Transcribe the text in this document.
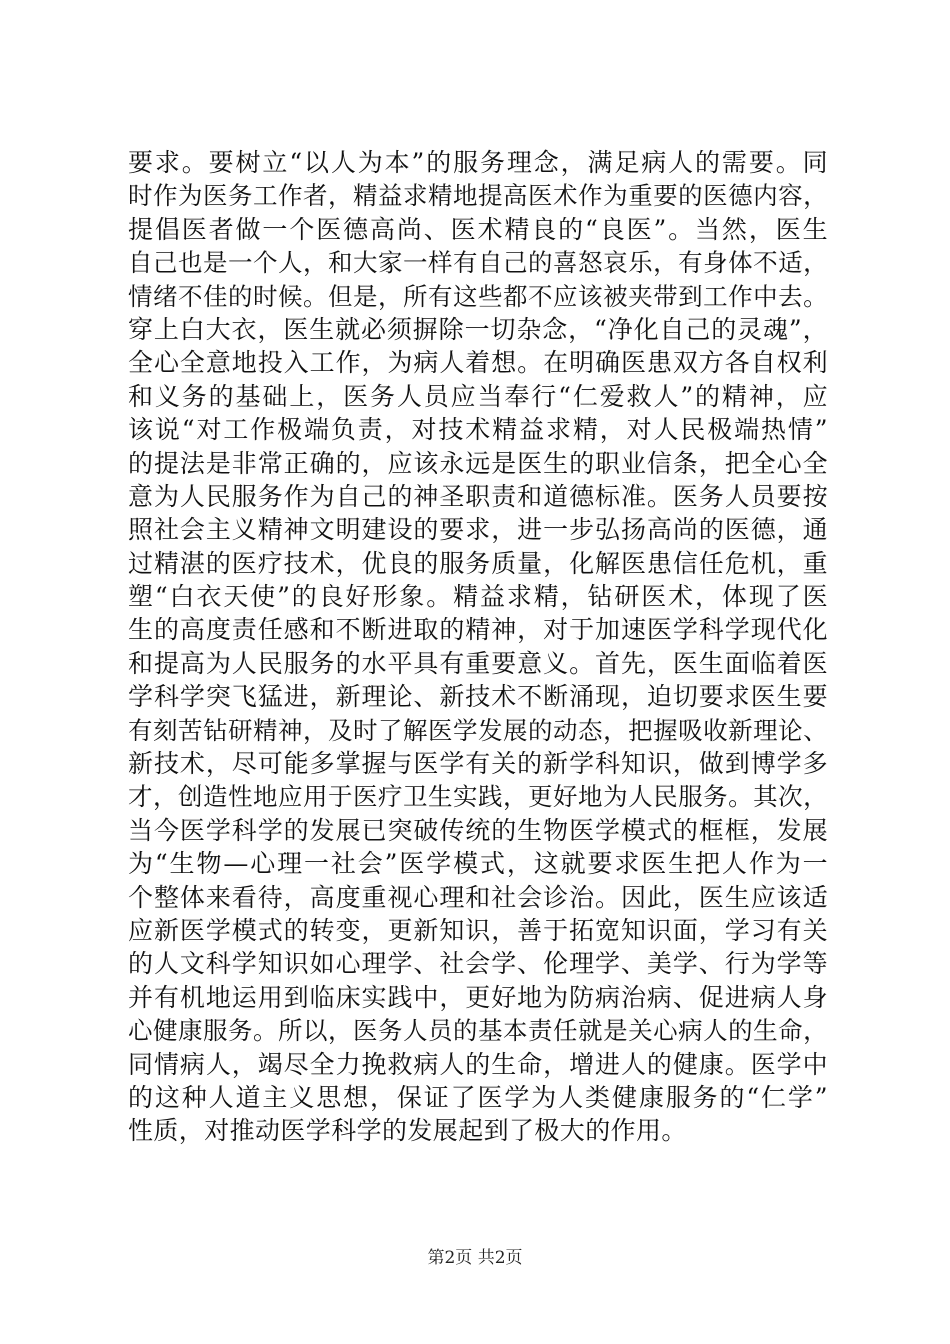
要求。要树立“以人为本”的服务理念，满足病人的需要。同
时作为医务工作者，精益求精地提高医术作为重要的医德内容，
提倡医者做一个医德高尚、医术精良的“良医”。当然，医生
自己也是一个人，和大家一样有自己的喜怒哀乐，有身体不适，
情绪不佳的时候。但是，所有这些都不应该被夹带到工作中去。
穿上白大衣，医生就必须摒除一切杂念，“净化自己的灵魂”，
全心全意地投入工作，为病人着想。在明确医患双方各自权利
和义务的基础上，医务人员应当奉行“仁爱救人”的精神，应
该说“对工作极端负责，对技术精益求精，对人民极端热情”
的提法是非常正确的，应该永远是医生的职业信条，把全心全
意为人民服务作为自己的神圣职责和道德标准。医务人员要按
照社会主义精神文明建设的要求，进一步弘扬高尚的医德，通
过精湛的医疗技术，优良的服务质量，化解医患信任危机，重
塑“白衣天使”的良好形象。精益求精，钻研医术，体现了医
生的高度责任感和不断进取的精神，对于加速医学科学现代化
和提高为人民服务的水平具有重要意义。首先，医生面临着医
学科学突飞猛进，新理论、新技术不断涌现，迫切要求医生要
有刻苦钻研精神，及时了解医学发展的动态，把握吸收新理论、
新技术，尽可能多掌握与医学有关的新学科知识，做到博学多
才，创造性地应用于医疗卫生实践，更好地为人民服务。其次，
当今医学科学的发展已突破传统的生物医学模式的框框，发展
为“生物—心理一社会”医学模式，这就要求医生把人作为一
个整体来看待，高度重视心理和社会诊治。因此，医生应该适
应新医学模式的转变，更新知识，善于拓宽知识面，学习有关
的人文科学知识如心理学、社会学、伦理学、美学、行为学等
并有机地运用到临床实践中，更好地为防病治病、促进病人身
心健康服务。所以，医务人员的基本责任就是关心病人的生命，
同情病人，竭尽全力挽救病人的生命，增进人的健康。医学中
的这种人道主义思想，保证了医学为人类健康服务的“仁学”
性质，对推动医学科学的发展起到了极大的作用。
第2页 共2页
